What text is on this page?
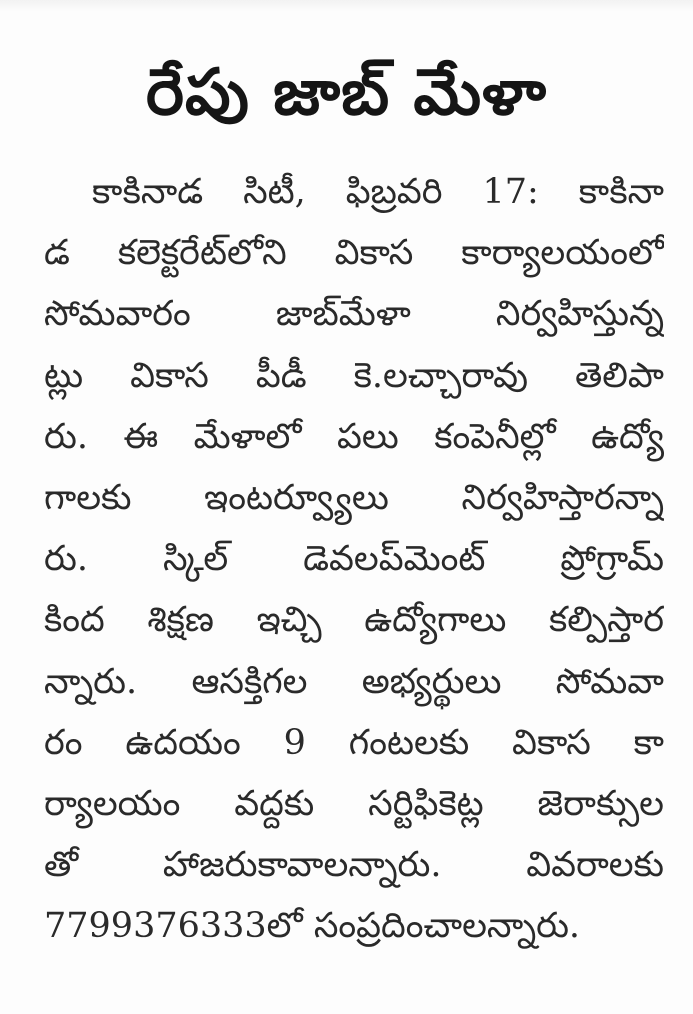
రేపు జాబ్ మేళా
కాకినాడ సిటీ, ఫిబ్రవరి 17: కాకినా
డ కలెక్టరేట్‌లోని వికాస కార్యాలయంలో
సోమవారం జాబ్‌మేళా నిర్వహిస్తున్న
ట్లు వికాస పీడీ కె.లచ్చారావు తెలిపా
రు. ఈ మేళాలో పలు కంపెనీల్లో ఉద్యో
గాలకు ఇంటర్వ్యూలు నిర్వహిస్తారన్నా
రు. స్కిల్ డెవలప్‌మెంట్ ప్రోగ్రామ్
కింద శిక్షణ ఇచ్చి ఉద్యోగాలు కల్పిస్తార
న్నారు. ఆసక్తిగల అభ్యర్థులు సోమవా
రం ఉదయం 9 గంటలకు వికాస కా
ర్యాలయం వద్దకు సర్టిఫికెట్ల జెరాక్సుల
తో హాజరుకావాలన్నారు. వివరాలకు
7799376333లో సంప్రదించాలన్నారు.
